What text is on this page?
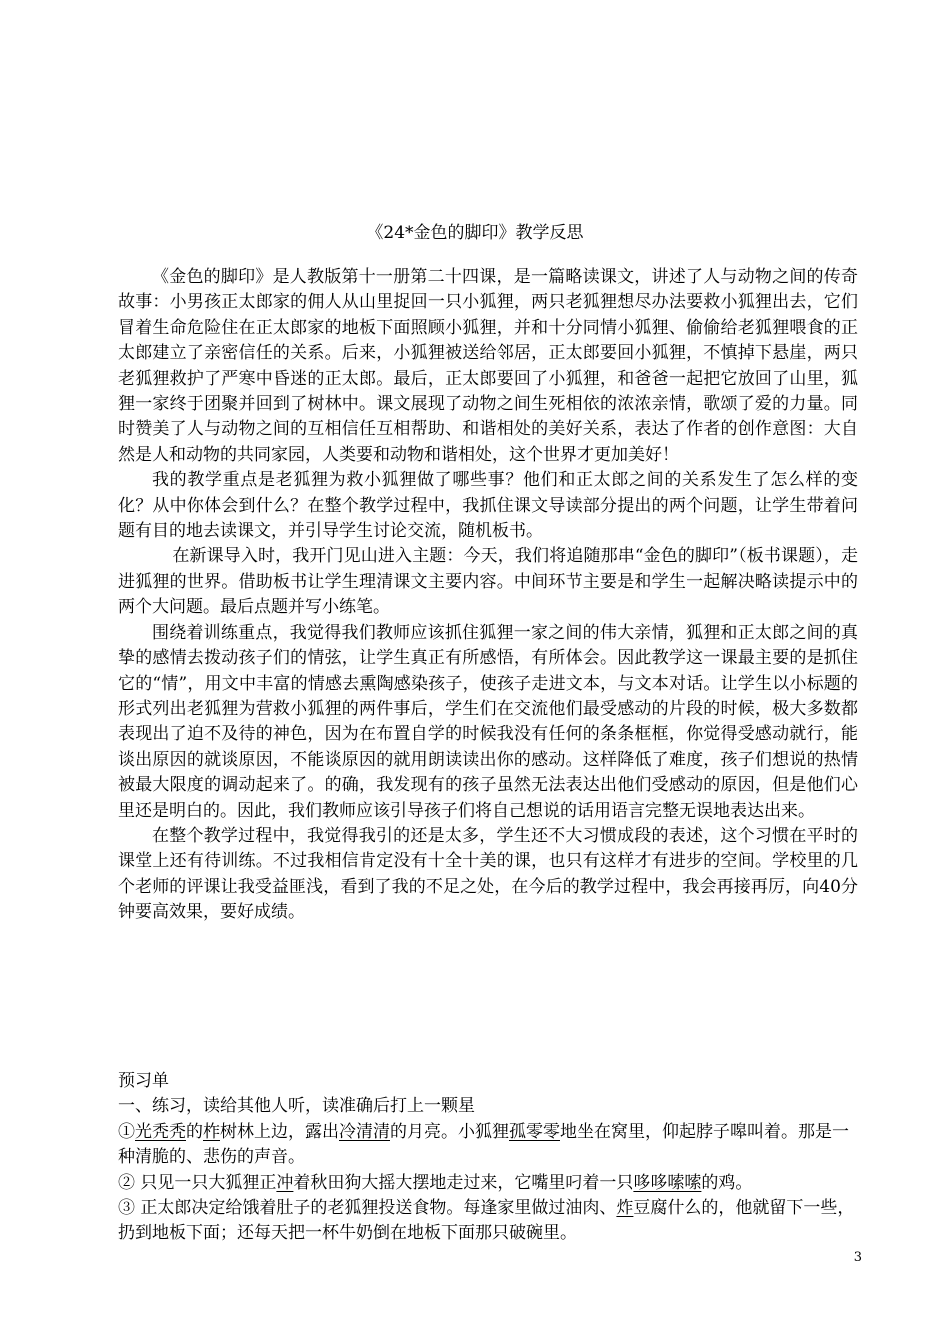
《24*金色的脚印》教学反思

《金色的脚印》是人教版第十一册第二十四课，是一篇略读课文，讲述了人与动物之间的传奇故事：小男孩正太郎家的佣人从山里捉回一只小狐狸，两只老狐狸想尽办法要救小狐狸出去，它们冒着生命危险住在正太郎家的地板下面照顾小狐狸，并和十分同情小狐狸、偷偷给老狐狸喂食的正太郎建立了亲密信任的关系。后来，小狐狸被送给邻居，正太郎要回小狐狸，不慎掉下悬崖，两只老狐狸救护了严寒中昏迷的正太郎。最后，正太郎要回了小狐狸，和爸爸一起把它放回了山里，狐狸一家终于团聚并回到了树林中。课文展现了动物之间生死相依的浓浓亲情，歌颂了爱的力量。同时赞美了人与动物之间的互相信任互相帮助、和谐相处的美好关系，表达了作者的创作意图：大自然是人和动物的共同家园，人类要和动物和谐相处，这个世界才更加美好！

我的教学重点是老狐狸为救小狐狸做了哪些事？他们和正太郎之间的关系发生了怎么样的变化？从中你体会到什么？在整个教学过程中，我抓住课文导读部分提出的两个问题，让学生带着问题有目的地去读课文，并引导学生讨论交流，随机板书。

在新课导入时，我开门见山进入主题：今天，我们将追随那串“金色的脚印”（板书课题），走进狐狸的世界。借助板书让学生理清课文主要内容。中间环节主要是和学生一起解决略读提示中的两个大问题。最后点题并写小练笔。

围绕着训练重点，我觉得我们教师应该抓住狐狸一家之间的伟大亲情，狐狸和正太郎之间的真挚的感情去拨动孩子们的情弦，让学生真正有所感悟，有所体会。因此教学这一课最主要的是抓住它的“情”，用文中丰富的情感去熏陶感染孩子，使孩子走进文本，与文本对话。让学生以小标题的形式列出老狐狸为营救小狐狸的两件事后，学生们在交流他们最受感动的片段的时候，极大多数都表现出了迫不及待的神色，因为在布置自学的时候我没有任何的条条框框，你觉得受感动就行，能谈出原因的就谈原因，不能谈原因的就用朗读读出你的感动。这样降低了难度，孩子们想说的热情被最大限度的调动起来了。的确，我发现有的孩子虽然无法表达出他们受感动的原因，但是他们心里还是明白的。因此，我们教师应该引导孩子们将自己想说的话用语言完整无误地表达出来。

在整个教学过程中，我觉得我引的还是太多，学生还不大习惯成段的表述，这个习惯在平时的课堂上还有待训练。不过我相信肯定没有十全十美的课，也只有这样才有进步的空间。学校里的几个老师的评课让我受益匪浅，看到了我的不足之处，在今后的教学过程中，我会再接再厉，向40分钟要高效果，要好成绩。

预习单

一、练习，读给其他人听，读准确后打上一颗星

①光秃秃的柞树林上边，露出冷清清的月亮。小狐狸孤零零地坐在窝里，仰起脖子嗥叫着。那是一种清脆的、悲伤的声音。

② 只见一只大狐狸正冲着秋田狗大摇大摆地走过来，它嘴里叼着一只哆哆嗦嗦的鸡。

③ 正太郎决定给饿着肚子的老狐狸投送食物。每逢家里做过油肉、炸豆腐什么的，他就留下一些，扔到地板下面；还每天把一杯牛奶倒在地板下面那只破碗里。

3
